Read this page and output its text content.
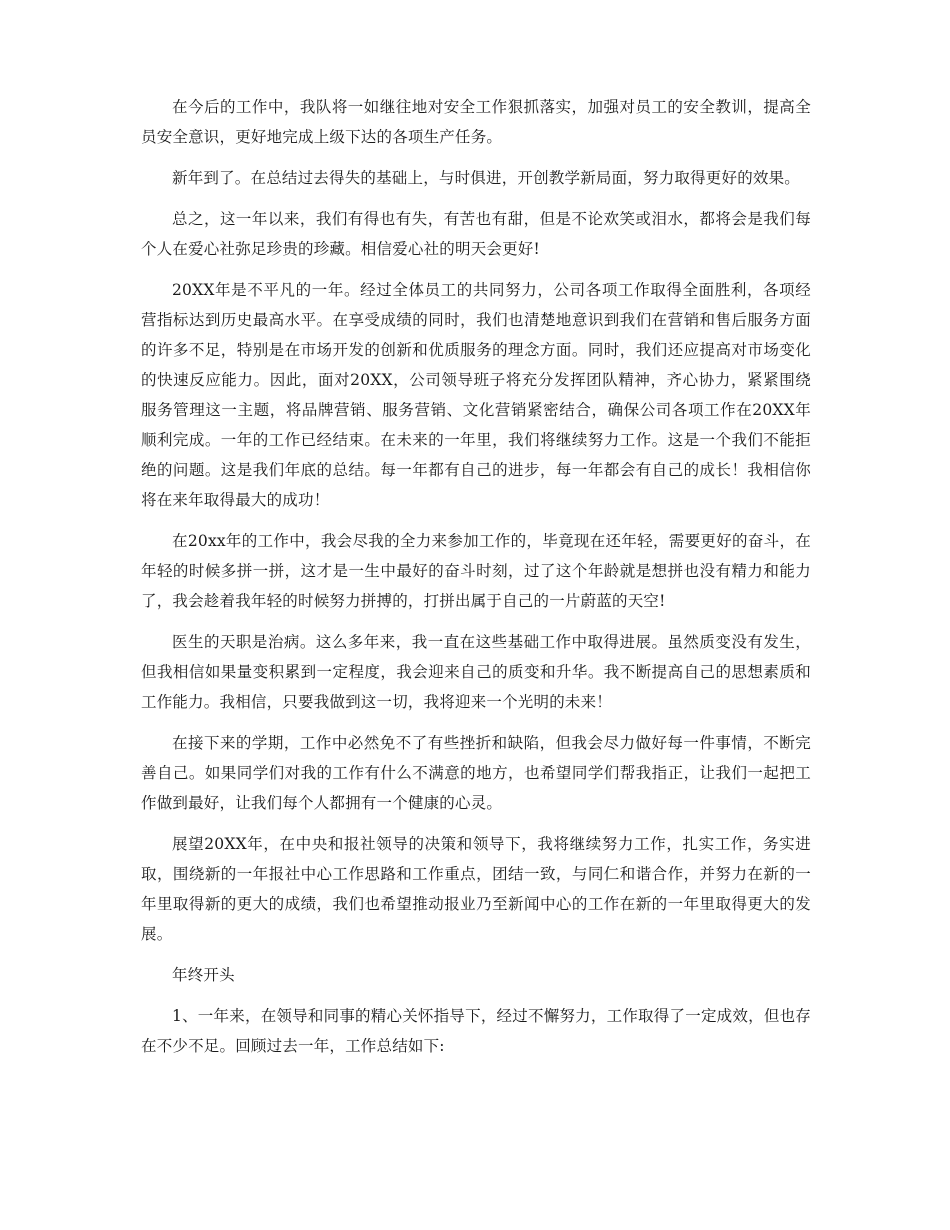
在今后的工作中，我队将一如继往地对安全工作狠抓落实，加强对员工的安全教训，提高全员安全意识，更好地完成上级下达的各项生产任务。

新年到了。在总结过去得失的基础上，与时俱进，开创教学新局面，努力取得更好的效果。

总之，这一年以来，我们有得也有失，有苦也有甜，但是不论欢笑或泪水，都将会是我们每个人在爱心社弥足珍贵的珍藏。相信爱心社的明天会更好!

20XX年是不平凡的一年。经过全体员工的共同努力，公司各项工作取得全面胜利，各项经营指标达到历史最高水平。在享受成绩的同时，我们也清楚地意识到我们在营销和售后服务方面的许多不足，特别是在市场开发的创新和优质服务的理念方面。同时，我们还应提高对市场变化的快速反应能力。因此，面对20XX，公司领导班子将充分发挥团队精神，齐心协力，紧紧围绕服务管理这一主题，将品牌营销、服务营销、文化营销紧密结合，确保公司各项工作在20XX年顺利完成。一年的工作已经结束。在未来的一年里，我们将继续努力工作。这是一个我们不能拒绝的问题。这是我们年底的总结。每一年都有自己的进步，每一年都会有自己的成长！我相信你将在来年取得最大的成功！

在20xx年的工作中，我会尽我的全力来参加工作的，毕竟现在还年轻，需要更好的奋斗，在年轻的时候多拼一拼，这才是一生中最好的奋斗时刻，过了这个年龄就是想拼也没有精力和能力了，我会趁着我年轻的时候努力拼搏的，打拼出属于自己的一片蔚蓝的天空!

医生的天职是治病。这么多年来，我一直在这些基础工作中取得进展。虽然质变没有发生，但我相信如果量变积累到一定程度，我会迎来自己的质变和升华。我不断提高自己的思想素质和工作能力。我相信，只要我做到这一切，我将迎来一个光明的未来！

在接下来的学期，工作中必然免不了有些挫折和缺陷，但我会尽力做好每一件事情，不断完善自己。如果同学们对我的工作有什么不满意的地方，也希望同学们帮我指正，让我们一起把工作做到最好，让我们每个人都拥有一个健康的心灵。

展望20XX年，在中央和报社领导的决策和领导下，我将继续努力工作，扎实工作，务实进取，围绕新的一年报社中心工作思路和工作重点，团结一致，与同仁和谐合作，并努力在新的一年里取得新的更大的成绩，我们也希望推动报业乃至新闻中心的工作在新的一年里取得更大的发展。

年终开头

1、一年来，在领导和同事的精心关怀指导下，经过不懈努力，工作取得了一定成效，但也存在不少不足。回顾过去一年，工作总结如下:
